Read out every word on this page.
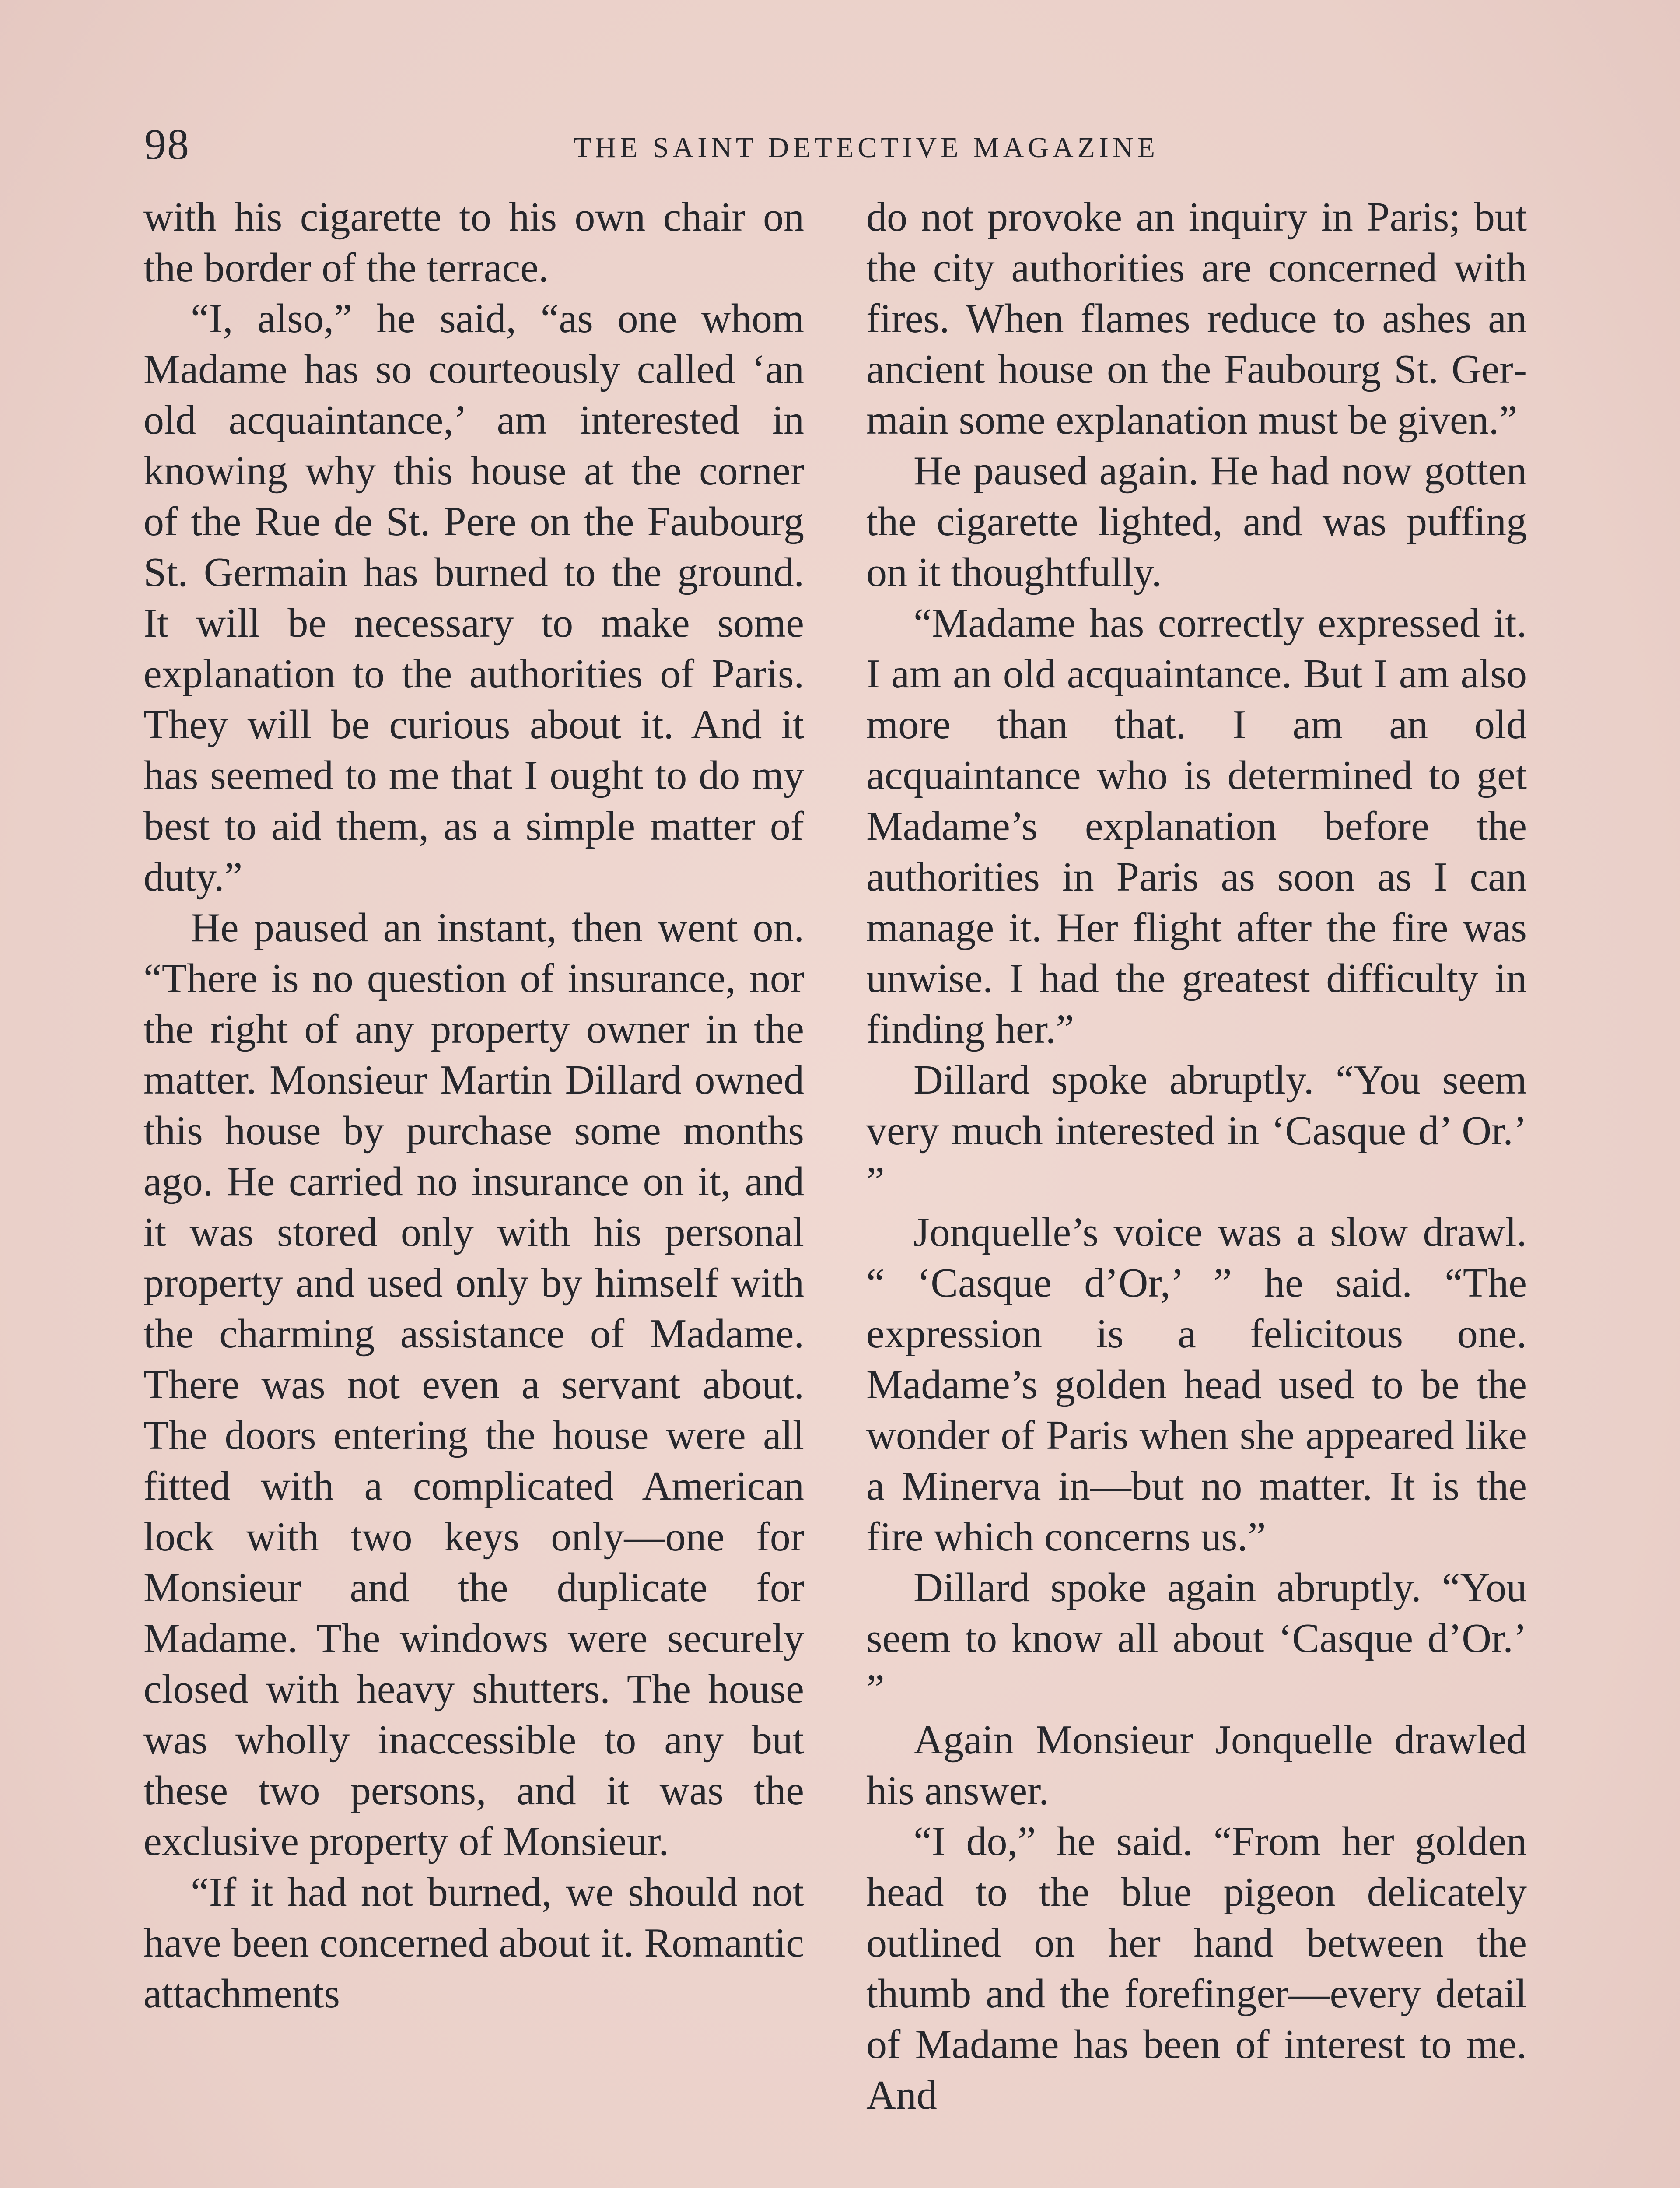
98	THE SAINT DETECTIVE MAGAZINE

with his cigarette to his own chair on the border of the terrace.

“I, also,” he said, “as one whom Madame has so courteously called ‘an old acquaintance,’ am interested in knowing why this house at the corner of the Rue de St. Pere on the Faubourg St. Germain has burned to the ground. It will be necessary to make some explanation to the authorities of Paris. They will be curious about it. And it has seemed to me that I ought to do my best to aid them, as a simple matter of duty.”

He paused an instant, then went on. “There is no question of insurance, nor the right of any property owner in the matter. Monsieur Martin Dillard owned this house by purchase some months ago. He carried no insurance on it, and it was stored only with his personal property and used only by himself with the charming assistance of Madame. There was not even a servant about. The doors entering the house were all fitted with a complicated American lock with two keys only—one for Monsieur and the duplicate for Madame. The windows were securely closed with heavy shutters. The house was wholly inaccessible to any but these two persons, and it was the exclusive property of Monsieur.

“If it had not burned, we should not have been concerned about it. Romantic attachments

do not provoke an inquiry in Paris; but the city authorities are concerned with fires. When flames reduce to ashes an ancient house on the Faubourg St. Germain some explanation must be given.”

He paused again. He had now gotten the cigarette lighted, and was puffing on it thoughtfully.

“Madame has correctly expressed it. I am an old acquaintance. But I am also more than that. I am an old acquaintance who is determined to get Madame’s explanation before the authorities in Paris as soon as I can manage it. Her flight after the fire was unwise. I had the greatest difficulty in finding her.”

Dillard spoke abruptly. “You seem very much interested in ‘Casque d’ Or.’ ”

Jonquelle’s voice was a slow drawl. “ ‘Casque d’Or,’ ” he said. “The expression is a felicitous one. Madame’s golden head used to be the wonder of Paris when she appeared like a Minerva in—but no matter. It is the fire which concerns us.”

Dillard spoke again abruptly. “You seem to know all about ‘Casque d’Or.’ ”

Again Monsieur Jonquelle drawled his answer.

“I do,” he said. “From her golden head to the blue pigeon delicately outlined on her hand between the thumb and the forefinger—every detail of Madame has been of interest to me. And
